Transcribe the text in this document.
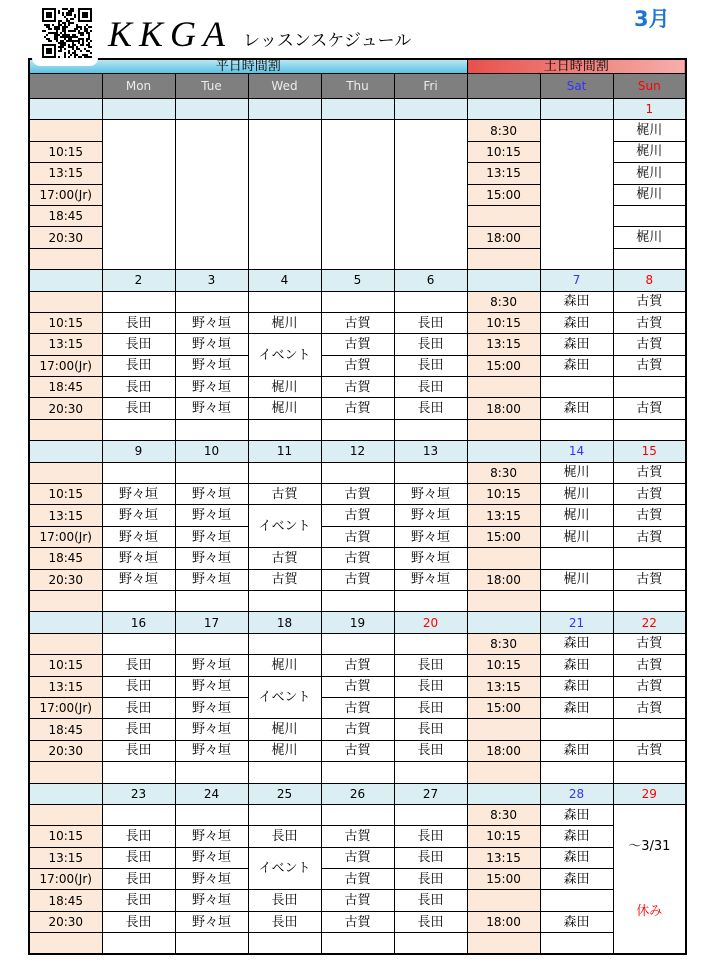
KKGA レッスンスケジュール
3月
平日時間割						土日時間割		
	Mon	Tue	Wed	Thu	Fri		Sat	Sun
								1
						8:30		梶川
10:15						10:15		梶川
13:15						13:15		梶川
17:00(Jr)						15:00		梶川
18:45								
20:30						18:00		梶川

	2	3	4	5	6		7	8
						8:30	森田	古賀
10:15	長田	野々垣	梶川	古賀	長田	10:15	森田	古賀
13:15	長田	野々垣	イベント	古賀	長田	13:15	森田	古賀
17:00(Jr)	長田	野々垣		古賀	長田	15:00	森田	古賀
18:45	長田	野々垣	梶川	古賀	長田			
20:30	長田	野々垣	梶川	古賀	長田	18:00	森田	古賀

	9	10	11	12	13		14	15
						8:30	梶川	古賀
10:15	野々垣	野々垣	古賀	古賀	野々垣	10:15	梶川	古賀
13:15	野々垣	野々垣	イベント	古賀	野々垣	13:15	梶川	古賀
17:00(Jr)	野々垣	野々垣		古賀	野々垣	15:00	梶川	古賀
18:45	野々垣	野々垣	古賀	古賀	野々垣			
20:30	野々垣	野々垣	古賀	古賀	野々垣	18:00	梶川	古賀

	16	17	18	19	20		21	22
						8:30	森田	古賀
10:15	長田	野々垣	梶川	古賀	長田	10:15	森田	古賀
13:15	長田	野々垣	イベント	古賀	長田	13:15	森田	古賀
17:00(Jr)	長田	野々垣		古賀	長田	15:00	森田	古賀
18:45	長田	野々垣	梶川	古賀	長田			
20:30	長田	野々垣	梶川	古賀	長田	18:00	森田	古賀

	23	24	25	26	27		28	29
						8:30	森田	～3/31
休み

10:15	長田	野々垣	長田	古賀	長田	10:15	森田	
13:15	長田	野々垣	イベント	古賀	長田	13:15	森田	
17:00(Jr)	長田	野々垣		古賀	長田	15:00	森田	
18:45	長田	野々垣	長田	古賀	長田			
20:30	長田	野々垣	長田	古賀	長田	18:00	森田	
